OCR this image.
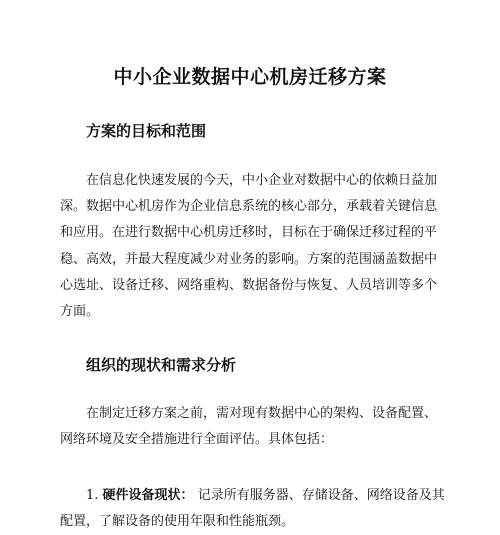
中小企业数据中心机房迁移方案
方案的目标和范围

在信息化快速发展的今天，中小企业对数据中心的依赖日益加
深。数据中心机房作为企业信息系统的核心部分，承载着关键信息
和应用。在进行数据中心机房迁移时，目标在于确保迁移过程的平
稳、高效，并最大程度减少对业务的影响。方案的范围涵盖数据中
心选址、设备迁移、网络重构、数据备份与恢复、人员培训等多个
方面。

组织的现状和需求分析

在制定迁移方案之前，需对现有数据中心的架构、设备配置、
网络环境及安全措施进行全面评估。具体包括：

1. 硬件设备现状： 记录所有服务器、存储设备、网络设备及其

配置，了解设备的使用年限和性能瓶颈。
